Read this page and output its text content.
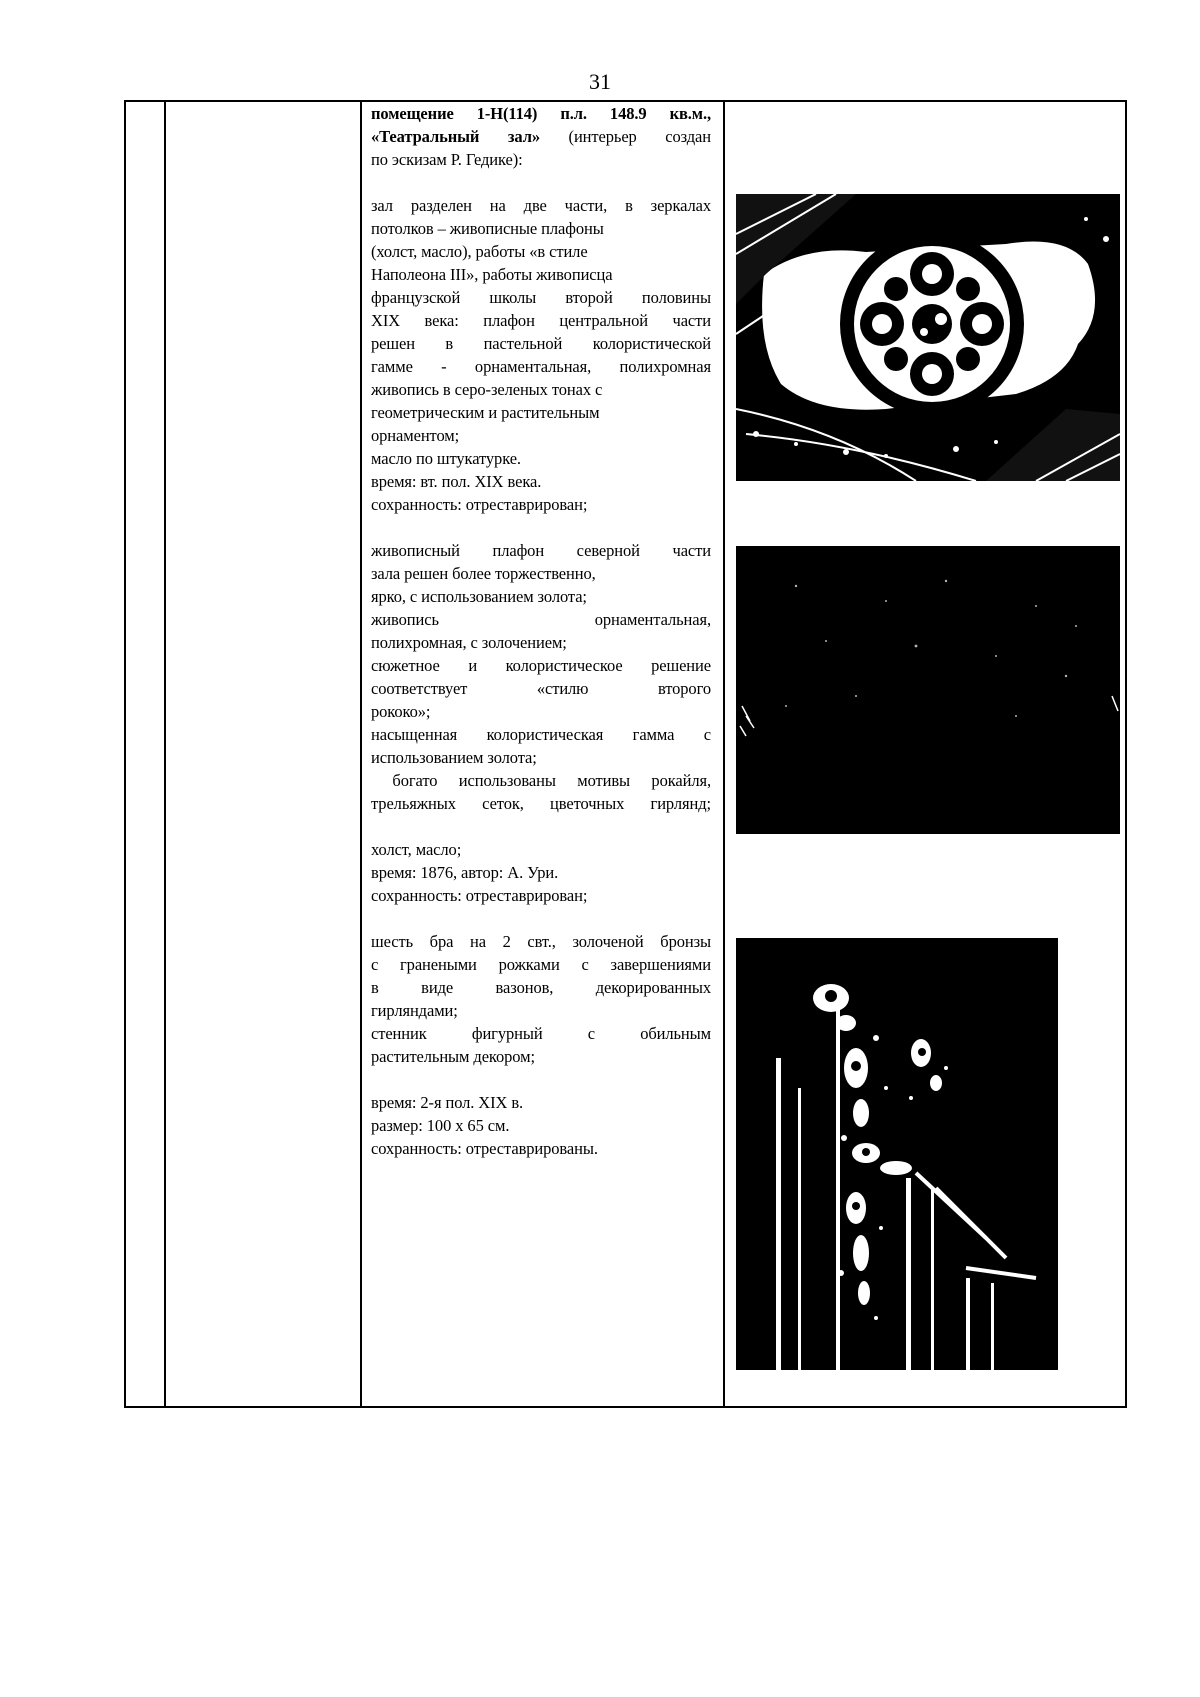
31

помещение 1-Н(114) п.л. 148.9 кв.м.,

«Театральный зал» (интерьер создан

по эскизам Р. Гедике):

зал разделен на две части, в зеркалах

потолков – живописные плафоны

(холст, масло), работы «в стиле

Наполеона III», работы живописца

французской школы второй половины

XIX века: плафон центральной части

решен в пастельной колористической

гамме - орнаментальная, полихромная

живопись в серо-зеленых тонах с

геометрическим и растительным

орнаментом;

масло по штукатурке.

время: вт. пол. XIX века.

сохранность: отреставрирован;

живописный плафон северной части

зала решен более торжественно,

ярко, с использованием золота;

живопись орнаментальная,

полихромная, с золочением;

сюжетное и колористическое решение

соответствует «стилю второго

рококо»;

насыщенная колористическая гамма с

использованием золота;

богато использованы мотивы рокайля,

трельяжных сеток, цветочных гирлянд;

холст, масло;

время: 1876, автор: А. Ури.

сохранность: отреставрирован;

шесть бра на 2 свт., золоченой бронзы

с гранеными рожками с завершениями

в виде вазонов, декорированных

гирляндами;

стенник фигурный с обильным

растительным декором;

время: 2-я пол. XIX в.

размер: 100 х 65 см.

сохранность: отреставрированы.
